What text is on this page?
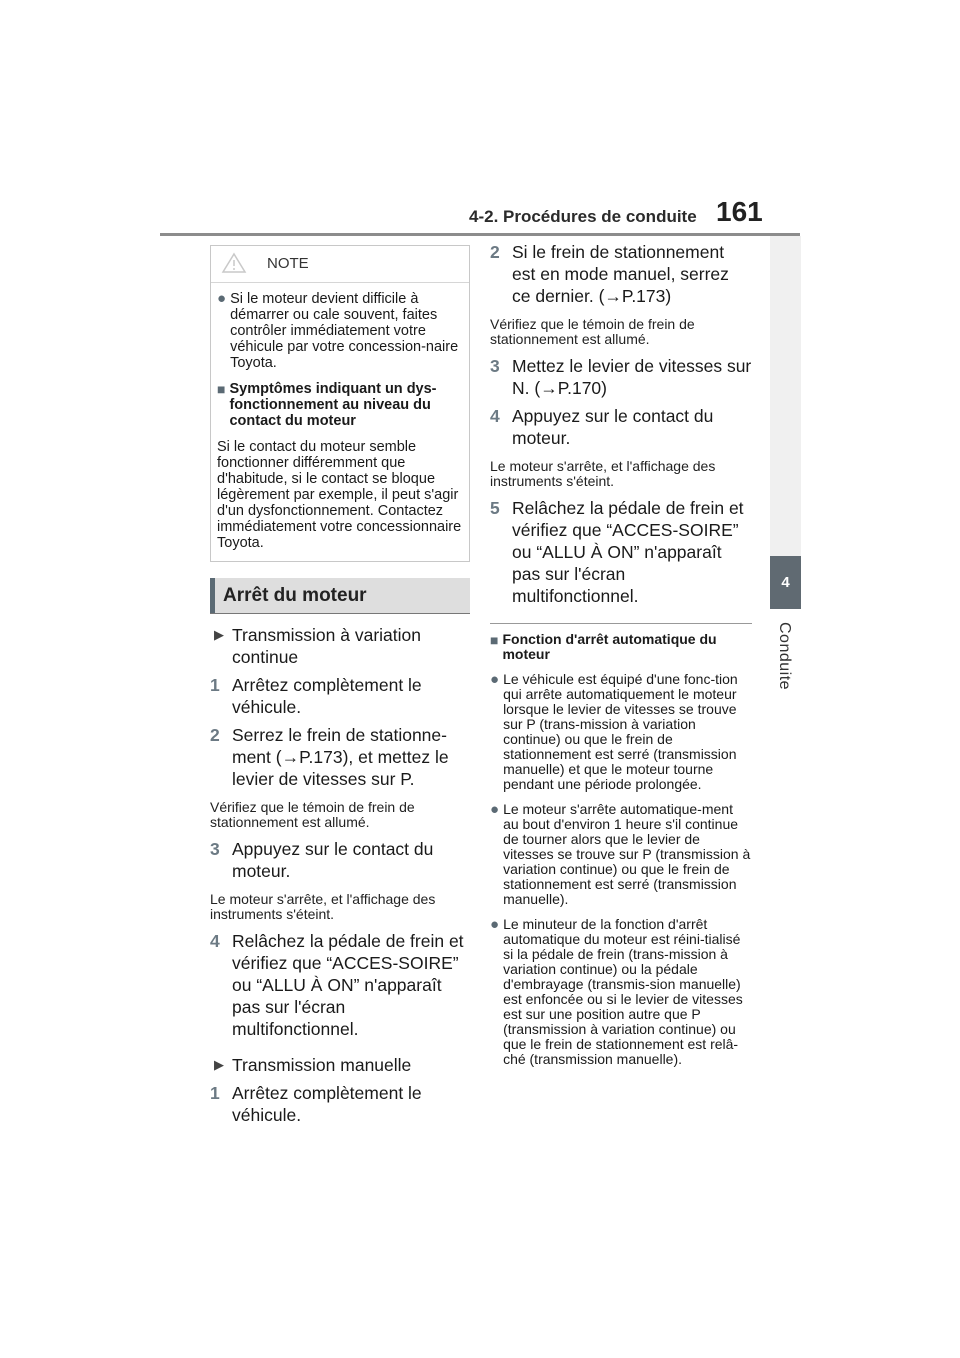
4-2. Procédures de conduite 161
4
Conduite
NOTE
● Si le moteur devient difficile à démarrer ou cale souvent, faites contrôler immédiatement votre véhicule par votre concession-naire Toyota.
■ Symptômes indiquant un dys-fonctionnement au niveau du contact du moteur
Si le contact du moteur semble fonctionner différemment que d'habitude, si le contact se bloque légèrement par exemple, il peut s'agir d'un dysfonctionnement. Contactez immédiatement votre concessionnaire Toyota.
Arrêt du moteur
▶ Transmission à variation continue
1 Arrêtez complètement le véhicule.
2 Serrez le frein de stationne-ment (→P.173), et mettez le levier de vitesses sur P.
Vérifiez que le témoin de frein de stationnement est allumé.
3 Appuyez sur le contact du moteur.
Le moteur s'arrête, et l'affichage des instruments s'éteint.
4 Relâchez la pédale de frein et vérifiez que “ACCES-SOIRE” ou “ALLU À ON” n'apparaît pas sur l'écran multifonctionnel.
▶ Transmission manuelle
1 Arrêtez complètement le véhicule.
2 Si le frein de stationnement est en mode manuel, serrez ce dernier. (→P.173)
Vérifiez que le témoin de frein de stationnement est allumé.
3 Mettez le levier de vitesses sur N. (→P.170)
4 Appuyez sur le contact du moteur.
Le moteur s'arrête, et l'affichage des instruments s'éteint.
5 Relâchez la pédale de frein et vérifiez que “ACCES-SOIRE” ou “ALLU À ON” n'apparaît pas sur l'écran multifonctionnel.
■ Fonction d'arrêt automatique du moteur
● Le véhicule est équipé d'une fonc-tion qui arrête automatiquement le moteur lorsque le levier de vitesses se trouve sur P (trans-mission à variation continue) ou que le frein de stationnement est serré (transmission manuelle) et que le moteur tourne pendant une période prolongée.
● Le moteur s'arrête automatique-ment au bout d'environ 1 heure s'il continue de tourner alors que le levier de vitesses se trouve sur P (transmission à variation continue) ou que le frein de stationnement est serré (transmission manuelle).
● Le minuteur de la fonction d'arrêt automatique du moteur est réini-tialisé si la pédale de frein (trans-mission à variation continue) ou la pédale d'embrayage (transmis-sion manuelle) est enfoncée ou si le levier de vitesses est sur une position autre que P (transmission à variation continue) ou que le frein de stationnement est relâ-ché (transmission manuelle).
